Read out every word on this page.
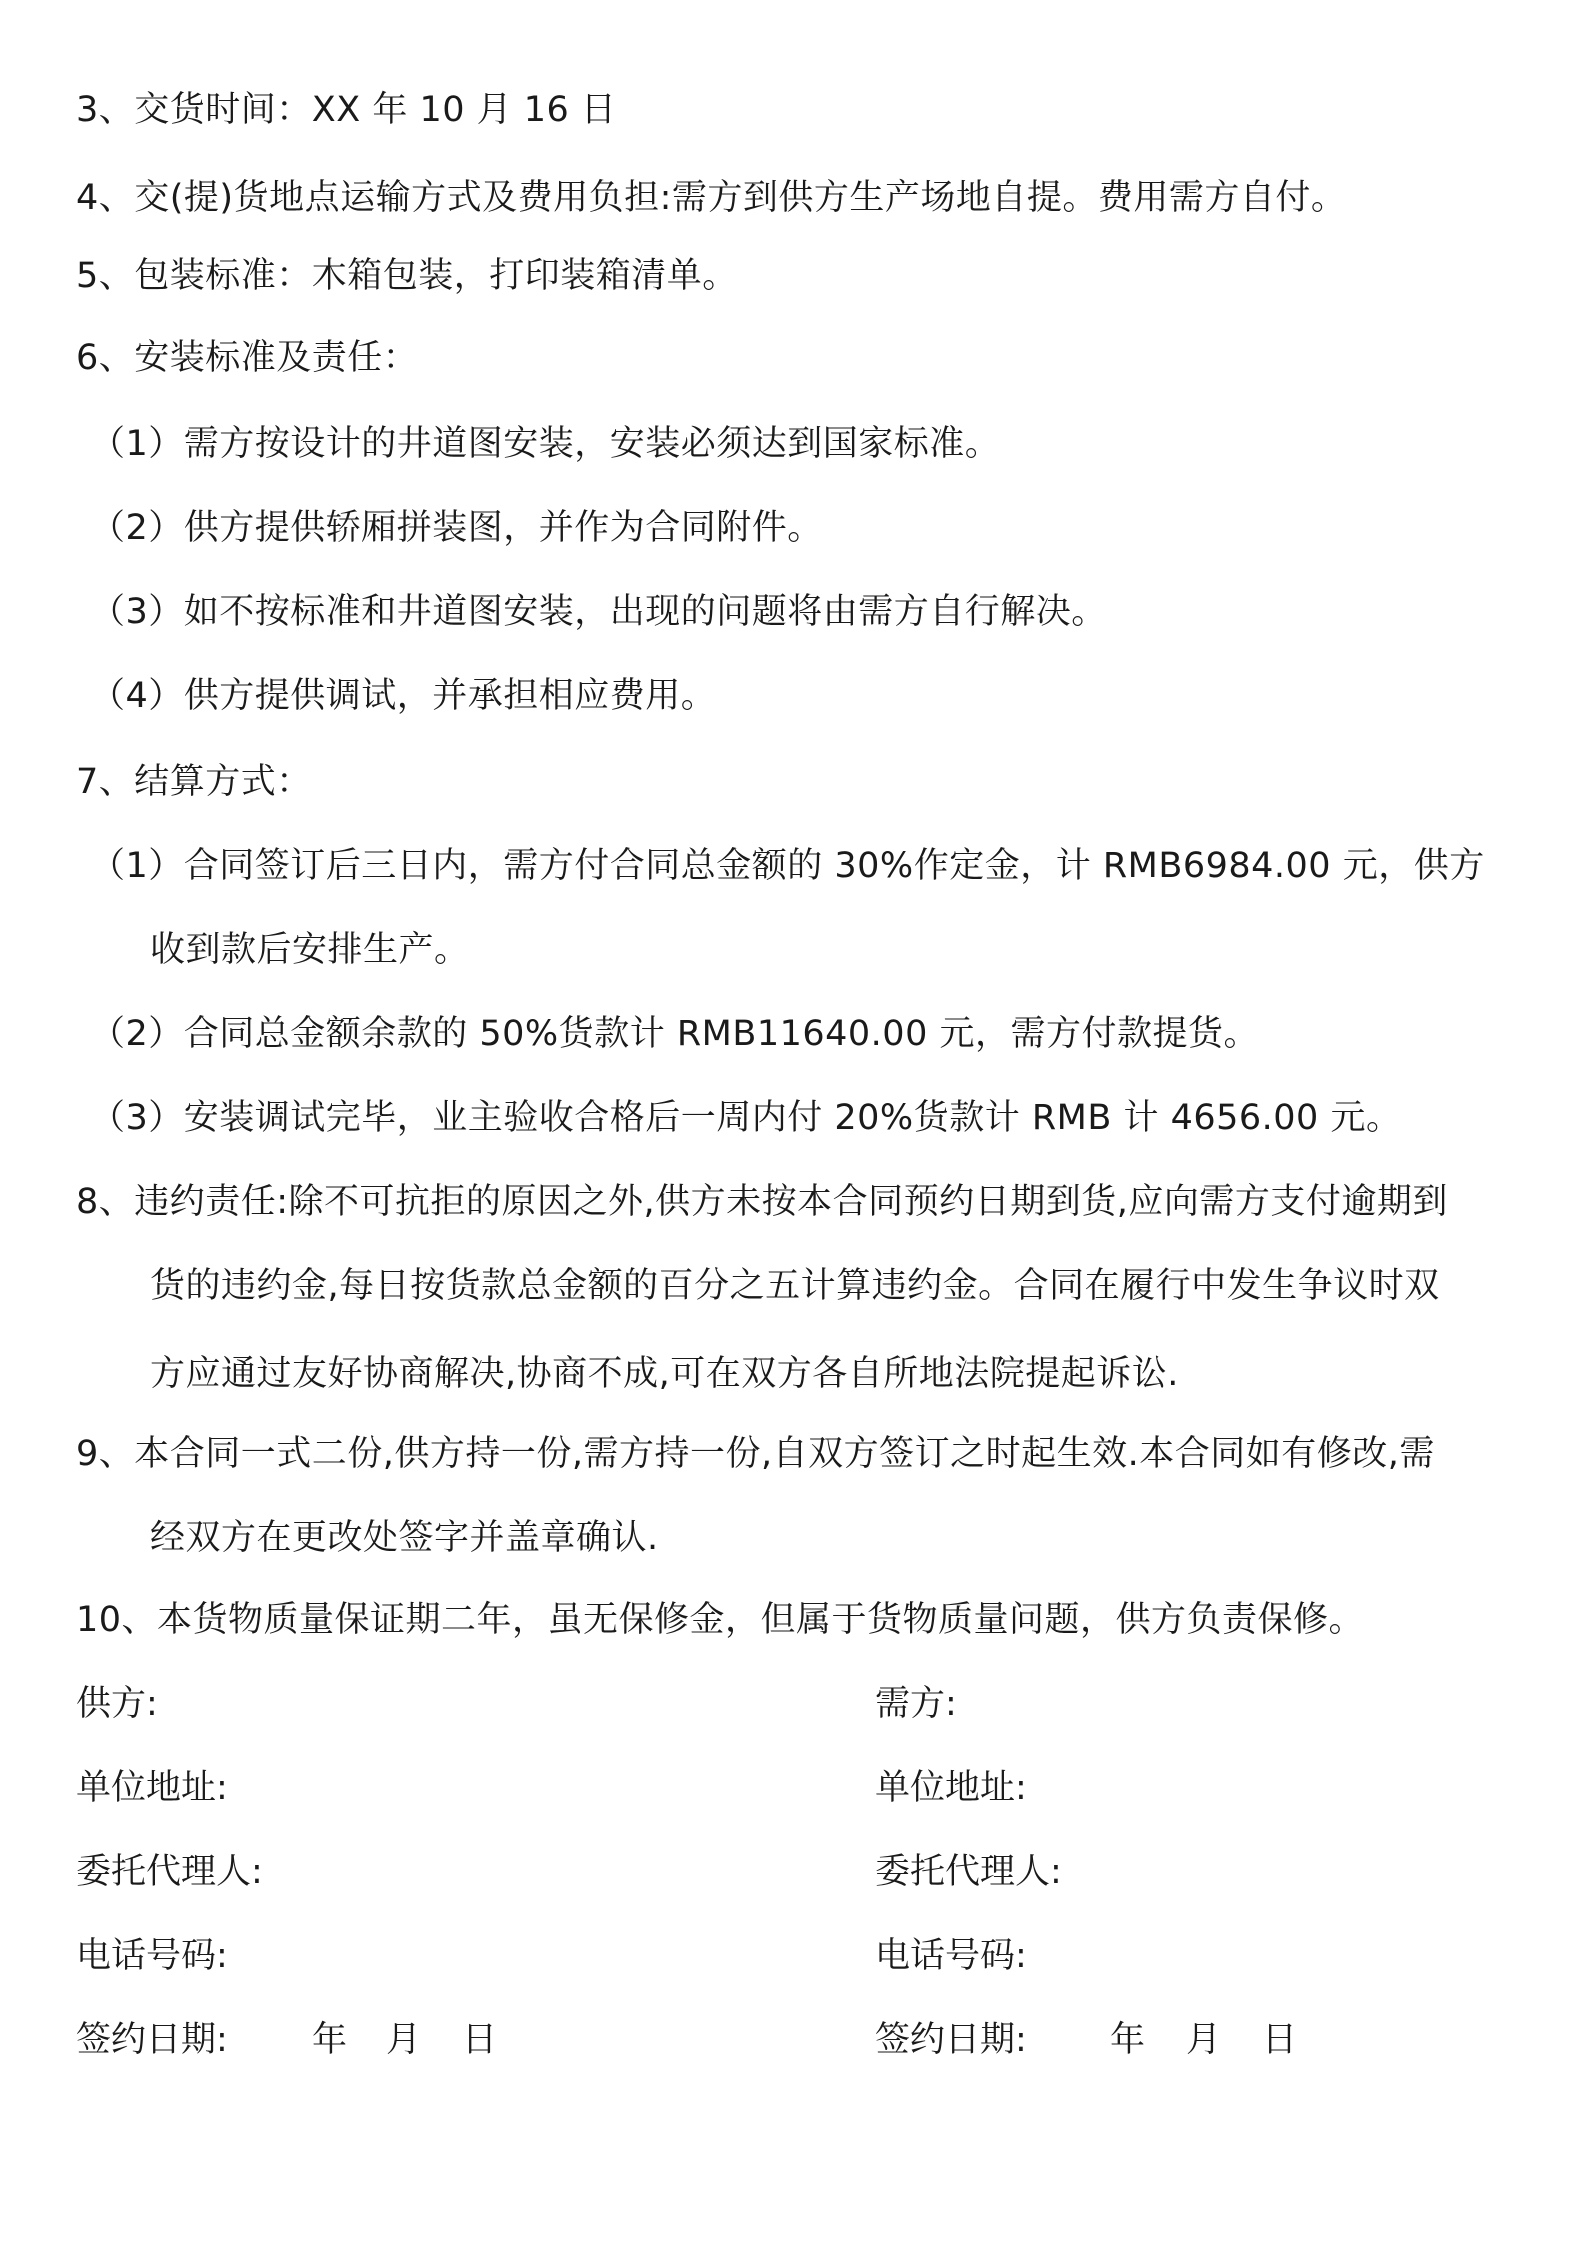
3、交货时间：XX 年 10 月 16 日
4、交(提)货地点运输方式及费用负担:需方到供方生产场地自提。费用需方自付。
5、包装标准：木箱包装，打印装箱清单。
6、安装标准及责任：
（1）需方按设计的井道图安装，安装必须达到国家标准。
（2）供方提供轿厢拼装图，并作为合同附件。
（3）如不按标准和井道图安装，出现的问题将由需方自行解决。
（4）供方提供调试，并承担相应费用。
7、结算方式：
（1）合同签订后三日内，需方付合同总金额的 30%作定金，计 RMB6984.00 元，供方
收到款后安排生产。
（2）合同总金额余款的 50%货款计 RMB11640.00 元，需方付款提货。
（3）安装调试完毕，业主验收合格后一周内付 20%货款计 RMB 计 4656.00 元。
8、违约责任:除不可抗拒的原因之外,供方未按本合同预约日期到货,应向需方支付逾期到
货的违约金,每日按货款总金额的百分之五计算违约金。合同在履行中发生争议时双
方应通过友好协商解决,协商不成,可在双方各自所地法院提起诉讼.
9、本合同一式二份,供方持一份,需方持一份,自双方签订之时起生效.本合同如有修改,需
经双方在更改处签字并盖章确认.
10、本货物质量保证期二年，虽无保修金，但属于货物质量问题，供方负责保修。
供方:	需方:
单位地址:	单位地址:
委托代理人:	委托代理人:
电话号码:	电话号码:
签约日期: 年 月 日	签约日期: 年 月 日
